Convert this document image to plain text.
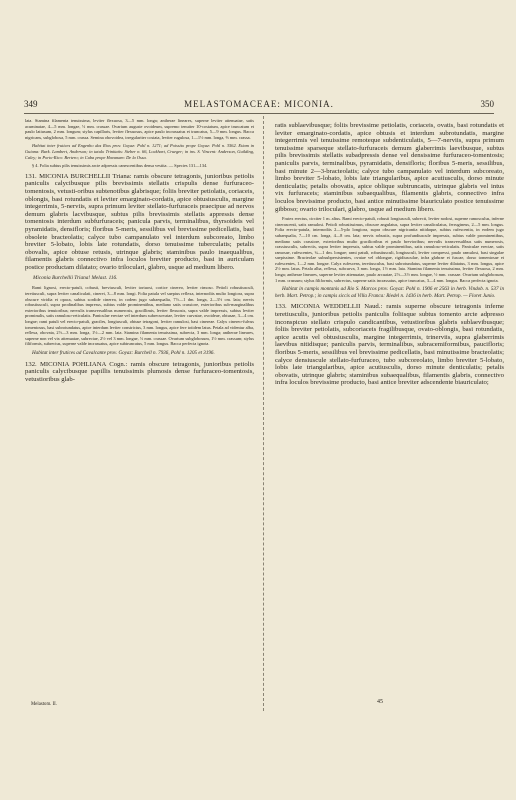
349	MELASTOMACEAE: MICONIA.	350

lata. Stamina filamenta tenuissima, leviter flexuosa, 3—5 mm. longa; antherae lineares, superne leviter attenuatae, satis acuminatae, 4—5 mm. longae, ⅓ mm. crassae. Ovarium auguste ovoideum, supremo tenuiter 10-costatum, apice truncatum et paulo latiusum, 2 mm. longum; stylus capillaris, leviter flexuosus, apice paulo incrassatus et truncatus, 5—9 mm. longus. Bacca nigricans, subglobosa, 5 mm. crassa. Semina obovoidea, irregulariter costata, leviter rugulosa, 1—1½ mm. longa, ⅔ mm. crassa.

Habitat inter frutices ad Engenho das Rios prov. Goyaz: Pohl n. 1271; ad Poissito prope Goyaz: Pohl n. 3562. Etiam in Guiana: Burk. Lambert, Anderson; in tatulo Trinitatis: Sieber n. 66, Lockhart, Crueger; in ins. S. Vincent: Anderson, Guilding, Caley; in Porto-Rico: Bertero; in Cuba prope Havanam: De la Ossa.

§ 4. Folia subtus pilis tenuissimis arcte adpressis canescentibus densa vestita. — Species 131—134.

131. MICONIA BURCHELLII Triana: ramis obscure tetragonis, junioribus petiolis paniculis calycibusque pilis brevissimis stellatis crispulis dense furfuraceo-tomentosis, vetusti-oribus subtenotibus glabrisque; foliis breviter petiolatis, coriaceis, oblongis, basi rotundatis et leviter emarginato-cordatis, apice obtusiusculis, margine integerrimis, 5-nerviis, supra primum leviter stellato-furfuraceis praecipue ad nervos demum glabris lacvibusque, subtus pilis brevissimis stellatis appressis dense tomentosis interdum subfurfuraceis; panicula parvis, terminalibus, thyrsoideis vel pyramidatis, densifloris; floribus 5-meris, sessilibus vel brevissime pedicellatis, basi obsolete bracteolatis; calyce tubo campanulato vel interdum subcoreato, limbo breviter 5-lobato, lobis late rotundatis, dorso tenuissime tuberculatis; petalis obovalis, apice obtuse retusis, utrinque glabris; staminibus paulo inaequalibus, filamentis glabris connectivo infra loculos breviter producto, basi in auriculam postice productam dilatato; ovario triloculari, glabro, usque ad medium libero.

Miconia Burchellii Triana! Melast. 116.

Rami lignosi, erecto-patuli, cobusti, breviusculi, leviter tortuosi, cortice cinereo, leviter rimoso. Petioli robustiusculi, teretiusculi, supra leviter canaliculati, cinerei, 3—8 mm. longi. Folia patula vel saepius reflexa, internodiis multo longiora, supra obscure viridia et opaca, subtus sordide cinerea, in codem jugo subaequalia, 7½—1 dm. longa, 2—3½ cm. lata; nervis robustiusculi, supra prodinalibus impresss, subtus valde prominentibus, mediano satis crassiore, exterioribus sub-marginalibus exterioribus tenuioribus; nervulis transversalibus numerosis, gracillimis, leviter flexuosis, supra valde impressis, subtus leviter prominulis, satis ramuloso-reticulatis. Paniculae erectae vel interdum subrecurvatae, leviter curvatae, ovoideae, obtusae, 3—4 cm. longae; rami patuli vel erecto-patuli, graciles, longiusculi, obtuse tetragoni, leviter ramulosi, basi cinereae. Calyx cinereo-fulvus tomentosus, basi subrotundatus, apice interdum leviter constrictus, 3 mm. longus, apice fere totidem latus. Petala ad videntur alba, reflexa, obovata, 2½—3 mm. longa, 1½—2 mm. lata. Stamina filamenta tenuissima, subrecta, 3 mm. longa; antherae lineares, superne non vel vix attenuatae, subrectae, 2½ vel 3 mm. longae, ⅓ mm. crassae. Ovarium subglobosum, 1½ mm. crassum; stylus filiformis, subrectus, superne valde incrassatus, apice subtruncatus, 5 mm. longus. Bacca perfecta ignota.

Habitat inter frutices ad Cavalcante prov. Goyaz: Burchell n. 7936, Pohl n. 1205 et 3196.

132. MICONIA POHLIANA Cogn.: ramis obscure tetragonis, junioribus petiolis paniculis calycibusque papillis tenuissimis plumosis dense furfuraceo-tomentosis, vetustioribus glab-

ratis sublaevibusque; foliis brevissime petiolatis, coriaceis, ovatis, basi rotundatis et leviter emarginato-cordatis, apice obtusis et interdum subrotundatis, margine integerrimis vel tenuissime remoteque subdenticulatis, 5—7-nerviis, supra primum tenuissime sparseque stellato-furfuraceis demum glaberrimis laevibusque, subtus pilis brevissimis stellatis subadpressis dense vel densissime furfuraceo-tomentosis; paniculis parvis, terminalibus, pyramidatis, densifloris; floribus 5-meris, sessilibus, basi minute 2—3-bracteolatis; calyce tubo campanulato vel interdum subcoreato, limbo breviter 5-lobato, lobis late triangularibus, apice acutiusculis, dorso minute denticulatis; petalis obovatis, apice oblique subtruncatis, utrinque glabris vel intus vix furfuraceis; staminibus subaequalibus, filamentis glabris, connectivo infra loculos brevissime producto, basi antice minutissime biauriculato postice tenuissime gibboso; ovario triloculari, glabro, usque ad medium libero.

Frutex erectus, circiter 1 m. altus. Rami erecto-patuli, robusti longiusculi, subrecti, leviter nodosi, superne ramosculus, inferne cinerascenti, satis ramulosi. Petioli robustissimus, obscure angulatus, supra leviter canaliculatus, ferrugineus, 2—5 mm. longus. Folia erecto-patula, internodiis 2—5-plo longiora, supra obscure nigricantia nitidaque, subtus rufescentia, in eodem jugo subaequalia, 7—10 cm. longa, 4—8 cm. lata; nervis robustis, supra profundiuscule impressis, subtus valde prominentibus, mediano satis crassiore, exterioribus multo gracilioribus et paulo brevioribus; nervulis transversalibus satis numerosis, crassiusculis, subrectis, supra leviter impressis, subtus valde prominentibus, satis ramuloso-reticulatis. Paniculae erectae, satis ramosae, rufescentes, ¾—1 dm. longae; rami patuli, robustiusculi, longiusculi, leviter compressi, paulo ramulosi, basi singulae saepissime. Bracteolae subsubpersistentes, ovatae vel oblongae, rigidiusculae, infra glabrae et fuscae, dorso tomentosae et rufescentes, 1—2 mm. longae. Calyx rufescens, teretiusculus, basi subrotundatus, superne leviter dilatatus, 3 mm. longus, apice 2½ mm. latus. Petala alba, reflexa, subcurva, 3 mm. longa, 1½ mm. lata. Stamina filamenta tenuissima, leviter flexuosa, 2 mm. longa; antherae lineares, superne leviter attenuatae, paulo arcuatae, 2½—3½ mm. longae, ½ mm. crassae. Ovarium subglobosum, 1 mm. crassum; stylus filiformis, subrectus, superne satis incrassatus, apice truncatus, 3—4 mm. longus. Bacca perfecta ignota.

Habitat in campis montanis ad Rio S. Marcos prov. Goyaz: Pohl n. 1906 et 2563 in herb. Vindob. n. 537 in herb. Mart. Petrop.; in campis siccis ad Villa Franca: Riedel n. 1436 in herb. Mart. Petrop. — Floret Junio.

133. MICONIA WEDDELLII Naud.: ramis superne obscure tetragonis inferne teretiusculis, junioribus petiolis paniculis foliisque subtus tomento arcte adpresso inconspicuo stellato crispulo candicantibus, vetustioribus glabris sublaevibusque; foliis breviter petiolatis, subcoriaceis fragilibusque, ovato-oblongis, basi rotundatis, apice acutis vel obtusiusculis, margine integerrimis, trinerviis, supra glaberrimis laevibus nitidisque; paniculis parvis, terminalibus, subracemiformibus, paucifloris; floribus 5-meris, sessilibus vel brevissime pedicellatis, basi minutissime bracteolatis; calyce densiuscule stellato-furfuraceo, tubo subcoreolato, limbo breviter 5-lobato, lobis late triangularibus, apice acutiusculis, dorso minute denticulatis; petalis obovatis, utrinque glabris; staminibus subaequalibus, filamentis glabris, connectivo infra loculos brevissime producto, basi antice breviter adscendente biauriculato;

Melastom. II.	45
